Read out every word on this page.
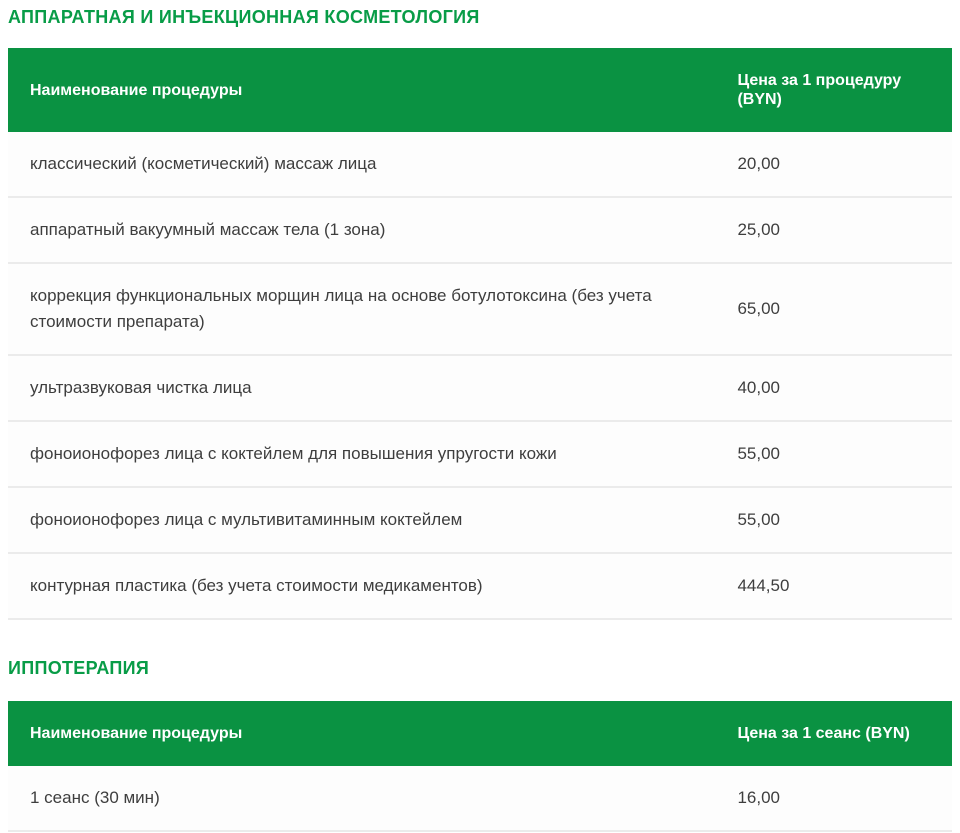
АППАРАТНАЯ И ИНЪЕКЦИОННАЯ КОСМЕТОЛОГИЯ
Наименование процедуры	Цена за 1 процедуру (BYN)
классический (косметический) массаж лица	20,00
аппаратный вакуумный массаж тела (1 зона)	25,00
коррекция функциональных морщин лица на основе ботулотоксина (без учета стоимости препарата)	65,00
ультразвуковая чистка лица	40,00
фоноионофорез лица с коктейлем для повышения упругости кожи	55,00
фоноионофорез лица с мультивитаминным коктейлем	55,00
контурная пластика (без учета стоимости медикаментов)	444,50
ИППОТЕРАПИЯ
Наименование процедуры	Цена за 1 сеанс (BYN)
1 сеанс (30 мин)	16,00
